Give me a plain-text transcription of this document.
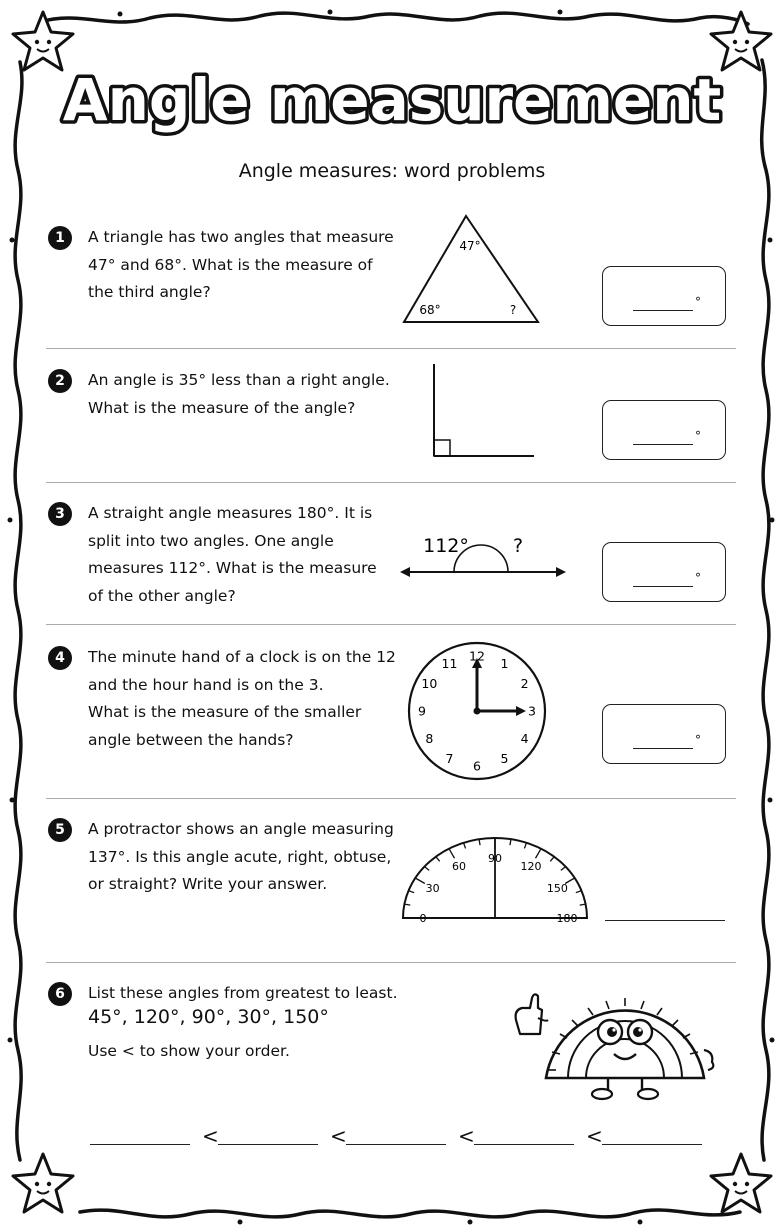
Angle measurement
Angle measures: word problems
1	A triangle has two angles that measure
47° and 68°. What is the measure of
the third angle?
47°
68°	?
°
2	An angle is 35° less than a right angle.
What is the measure of the angle?
°
3	A straight angle measures 180°. It is
split into two angles. One angle
measures 112°. What is the measure
of the other angle?
112° ?
°
4	The minute hand of a clock is on the 12
and the hour hand is on the 3.
What is the measure of the smaller
angle between the hands?
12 1
2
3
4
5
6
7
8
9
10
11
°
5	A protractor shows an angle measuring
137°. Is this angle acute, right, obtuse,
or straight? Write your answer.
0
30
60
90
120
150
180
6	List these angles from greatest to least.
45°, 120°, 90°, 30°, 150°
Use < to show your order.
<	<	<	<
